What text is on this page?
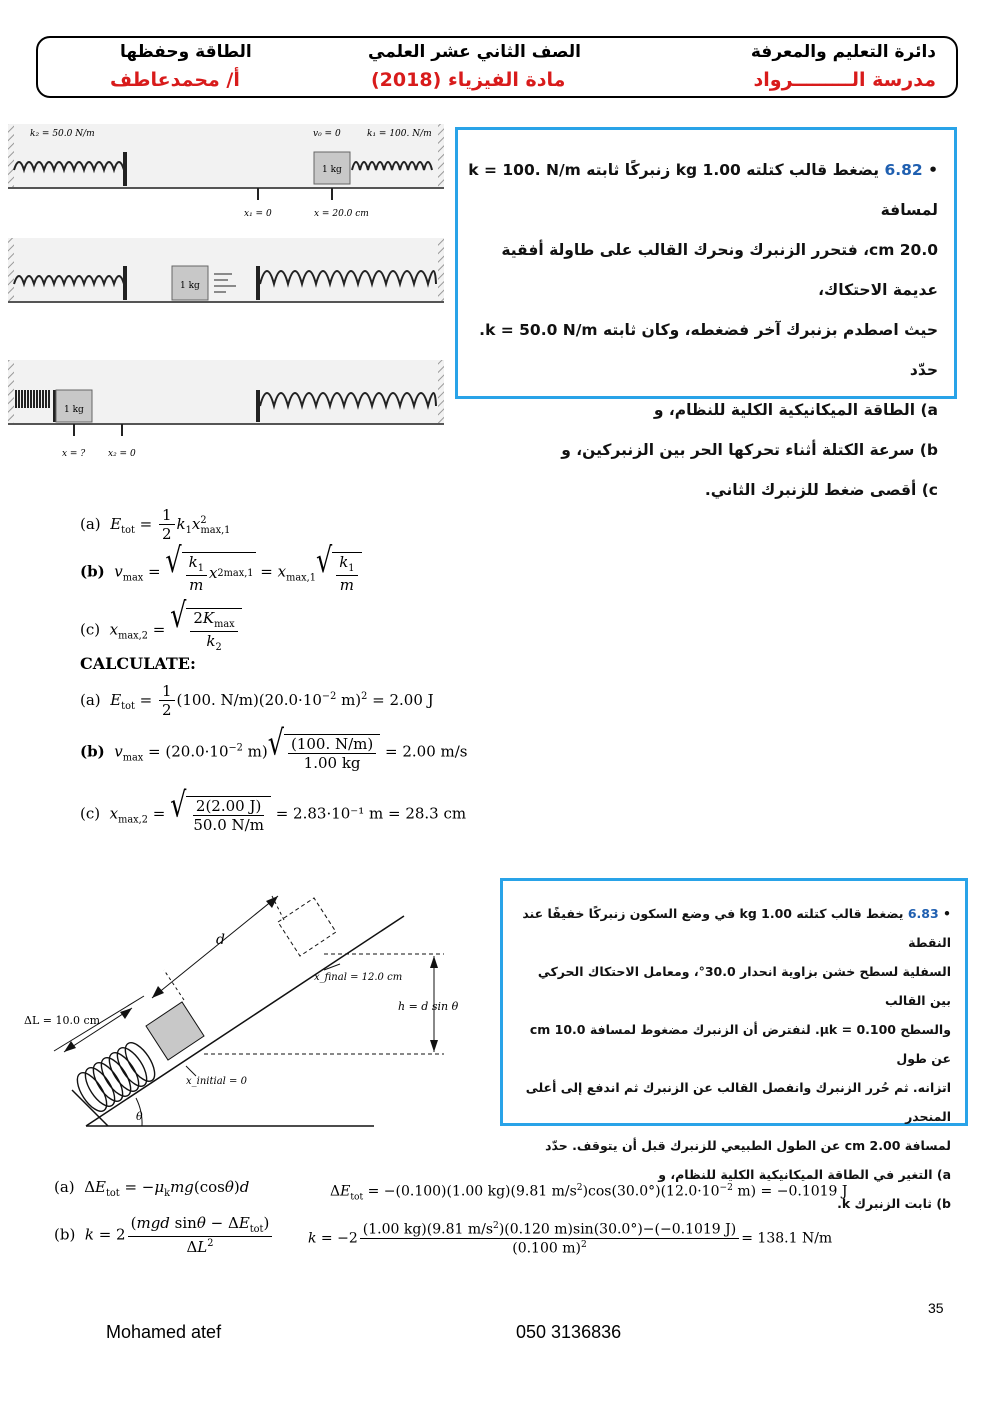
دائرة التعليم والمعرفة
مدرسة الـــــــــرواد
الصف الثاني عشر العلمي
مادة الفيزياء
(2018)
الطاقة وحفظها
أ/ محمدعاطف
k₂ = 50.0 N/m	v₀ = 0	k₁ = 100. N/m
1 kg
x₁ = 0	x = 20.0 cm
1 kg
1 kg
x = ?	x₂ = 0

• 6.82 يضغط قالب كتلته 1.00 kg زنبركًا ثابته k = 100. N/m لمسافة

20.0 cm، فتحرر الزنبرك ونحرك القالب على طاولة أفقية عديمة الاحتكاك،

حيث اصطدم بزنبرك آخر فضغطه، وكان ثابته k = 50.0 N/m. حدّد

a) الطاقة الميكانيكية الكلية للنظام، و

b) سرعة الكتلة أثناء تحركها الحر بين الزنبركين، و

c) أقصى ضغط للزنبرك الثاني.

(a) $E_{tot} = \frac{1}{2} k_1x^2_{max,1}$
(b) $v_{max}$ = √ $\frac{k_1}{m}$ x 2 $\max,1 = x_{max,1}$ √ $\frac{k_1}{m}$
(c) $x_{max,2}$ = √ $\frac{2K_{max}}{k_2}$
CALCULATE:
(a) $E_{tot} = \frac{1}{2} (100$. $N/m)(20.0\cdot 10^{-2}$ m)$^2$ = 2.00 J
(b) $v_{max} = (20.0\cdot 10^{-2}$ m) √ $\frac{(100. N/m)}{1.00 kg} = 2.00$ m/s
(c) $x_{max,2}$ = √ $\frac{2(2.00 J)}{50.0 N/m} = 2.83\cdot 10^{-1}$ m = 28.3 cm
d
x_final = 12.0 cm
h = d sin θ
ΔL = 10.0 cm
x_initial = 0
θ

• 6.83 يضغط قالب كتلته 1.00 kg في وضع السكون زنبركًا خفيفًا عند النقطة

السفلية لسطح خشن بزاوية انحدار 30.0°، ومعامل الاحتكاك الحركي بين القالب

والسطح 0.100 = μk. لنفترض أن الزنبرك مضغوط لمسافة 10.0 cm عن طول

اتزانه. ثم حُرر الزنبرك وانفصل القالب عن الزنبرك ثم اندفع إلى أعلى المنحدر

لمسافة 2.00 cm عن الطول الطبيعي للزنبرك قبل أن يتوقف. حدّد

a) التغير في الطاقة الميكانيكية الكلية للنظام، و

b) ثابت الزنبرك k.

(a)  $\Delta E_{tot} = -\mu_kmg(\cos\theta)d$	$\Delta E_{tot} = -(0.100)(1.00$ kg)(9.81 $m/s^2)\cos(30.0^\circ)(12.0\cdot 10^{-2}$ m) = −0.1019 J
(b) $k = 2 \frac{(mgd \sin\theta - \Delta E_{tot})}{\Delta L^2}$	$k = -2 \frac{(1.00 kg)(9.81 m/s^2)(0.120 m)\sin(30.0^\circ)-(-0.1019 J)}{(0.100 m)^2} = 138.1$ N/m
35
Mohamed atef	050 3136836
